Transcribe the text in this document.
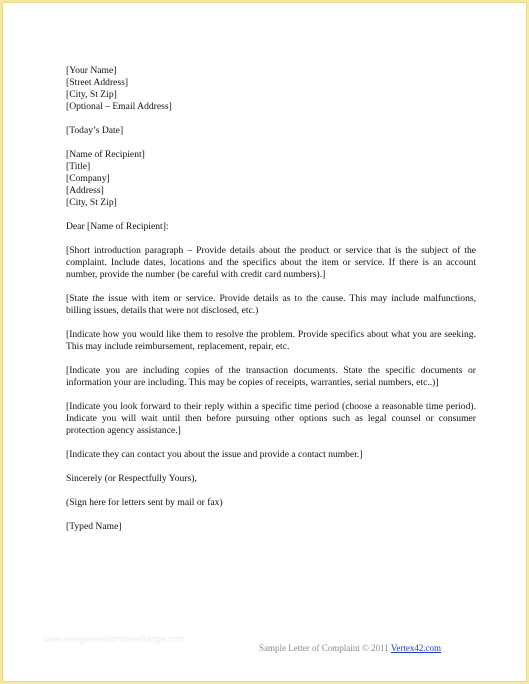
www.seegenerationsteedbloge.com
[Your Name]
[Street Address]
[City, St Zip]
[Optional – Email Address]
[Today’s Date]
[Name of Recipient]
[Title]
[Company]
[Address]
[City, St Zip]
Dear [Name of Recipient]:
[Short introduction paragraph – Provide details about the product or service that is the subject of the complaint. Include dates, locations and the specifics about the item or service. If there is an account number, provide the number (be careful with credit card numbers).]
[State the issue with item or service. Provide details as to the cause. This may include malfunctions, billing issues, details that were not disclosed, etc.)
[Indicate how you would like them to resolve the problem. Provide specifics about what you are seeking. This may include reimbursement, replacement, repair, etc.
[Indicate you are including copies of the transaction documents. State the specific documents or information your are including. This may be copies of receipts, warranties, serial numbers, etc..)]
[Indicate you look forward to their reply within a specific time period (choose a reasonable time period). Indicate you will wait until then before pursuing other options such as legal counsel or consumer protection agency assistance.]
[Indicate they can contact you about the issue and provide a contact number.]
Sincerely (or Respectfully Yours),
(Sign here for letters sent by mail or fax)
[Typed Name]
Sample Letter of Complaint © 2011 Vertex42.com
